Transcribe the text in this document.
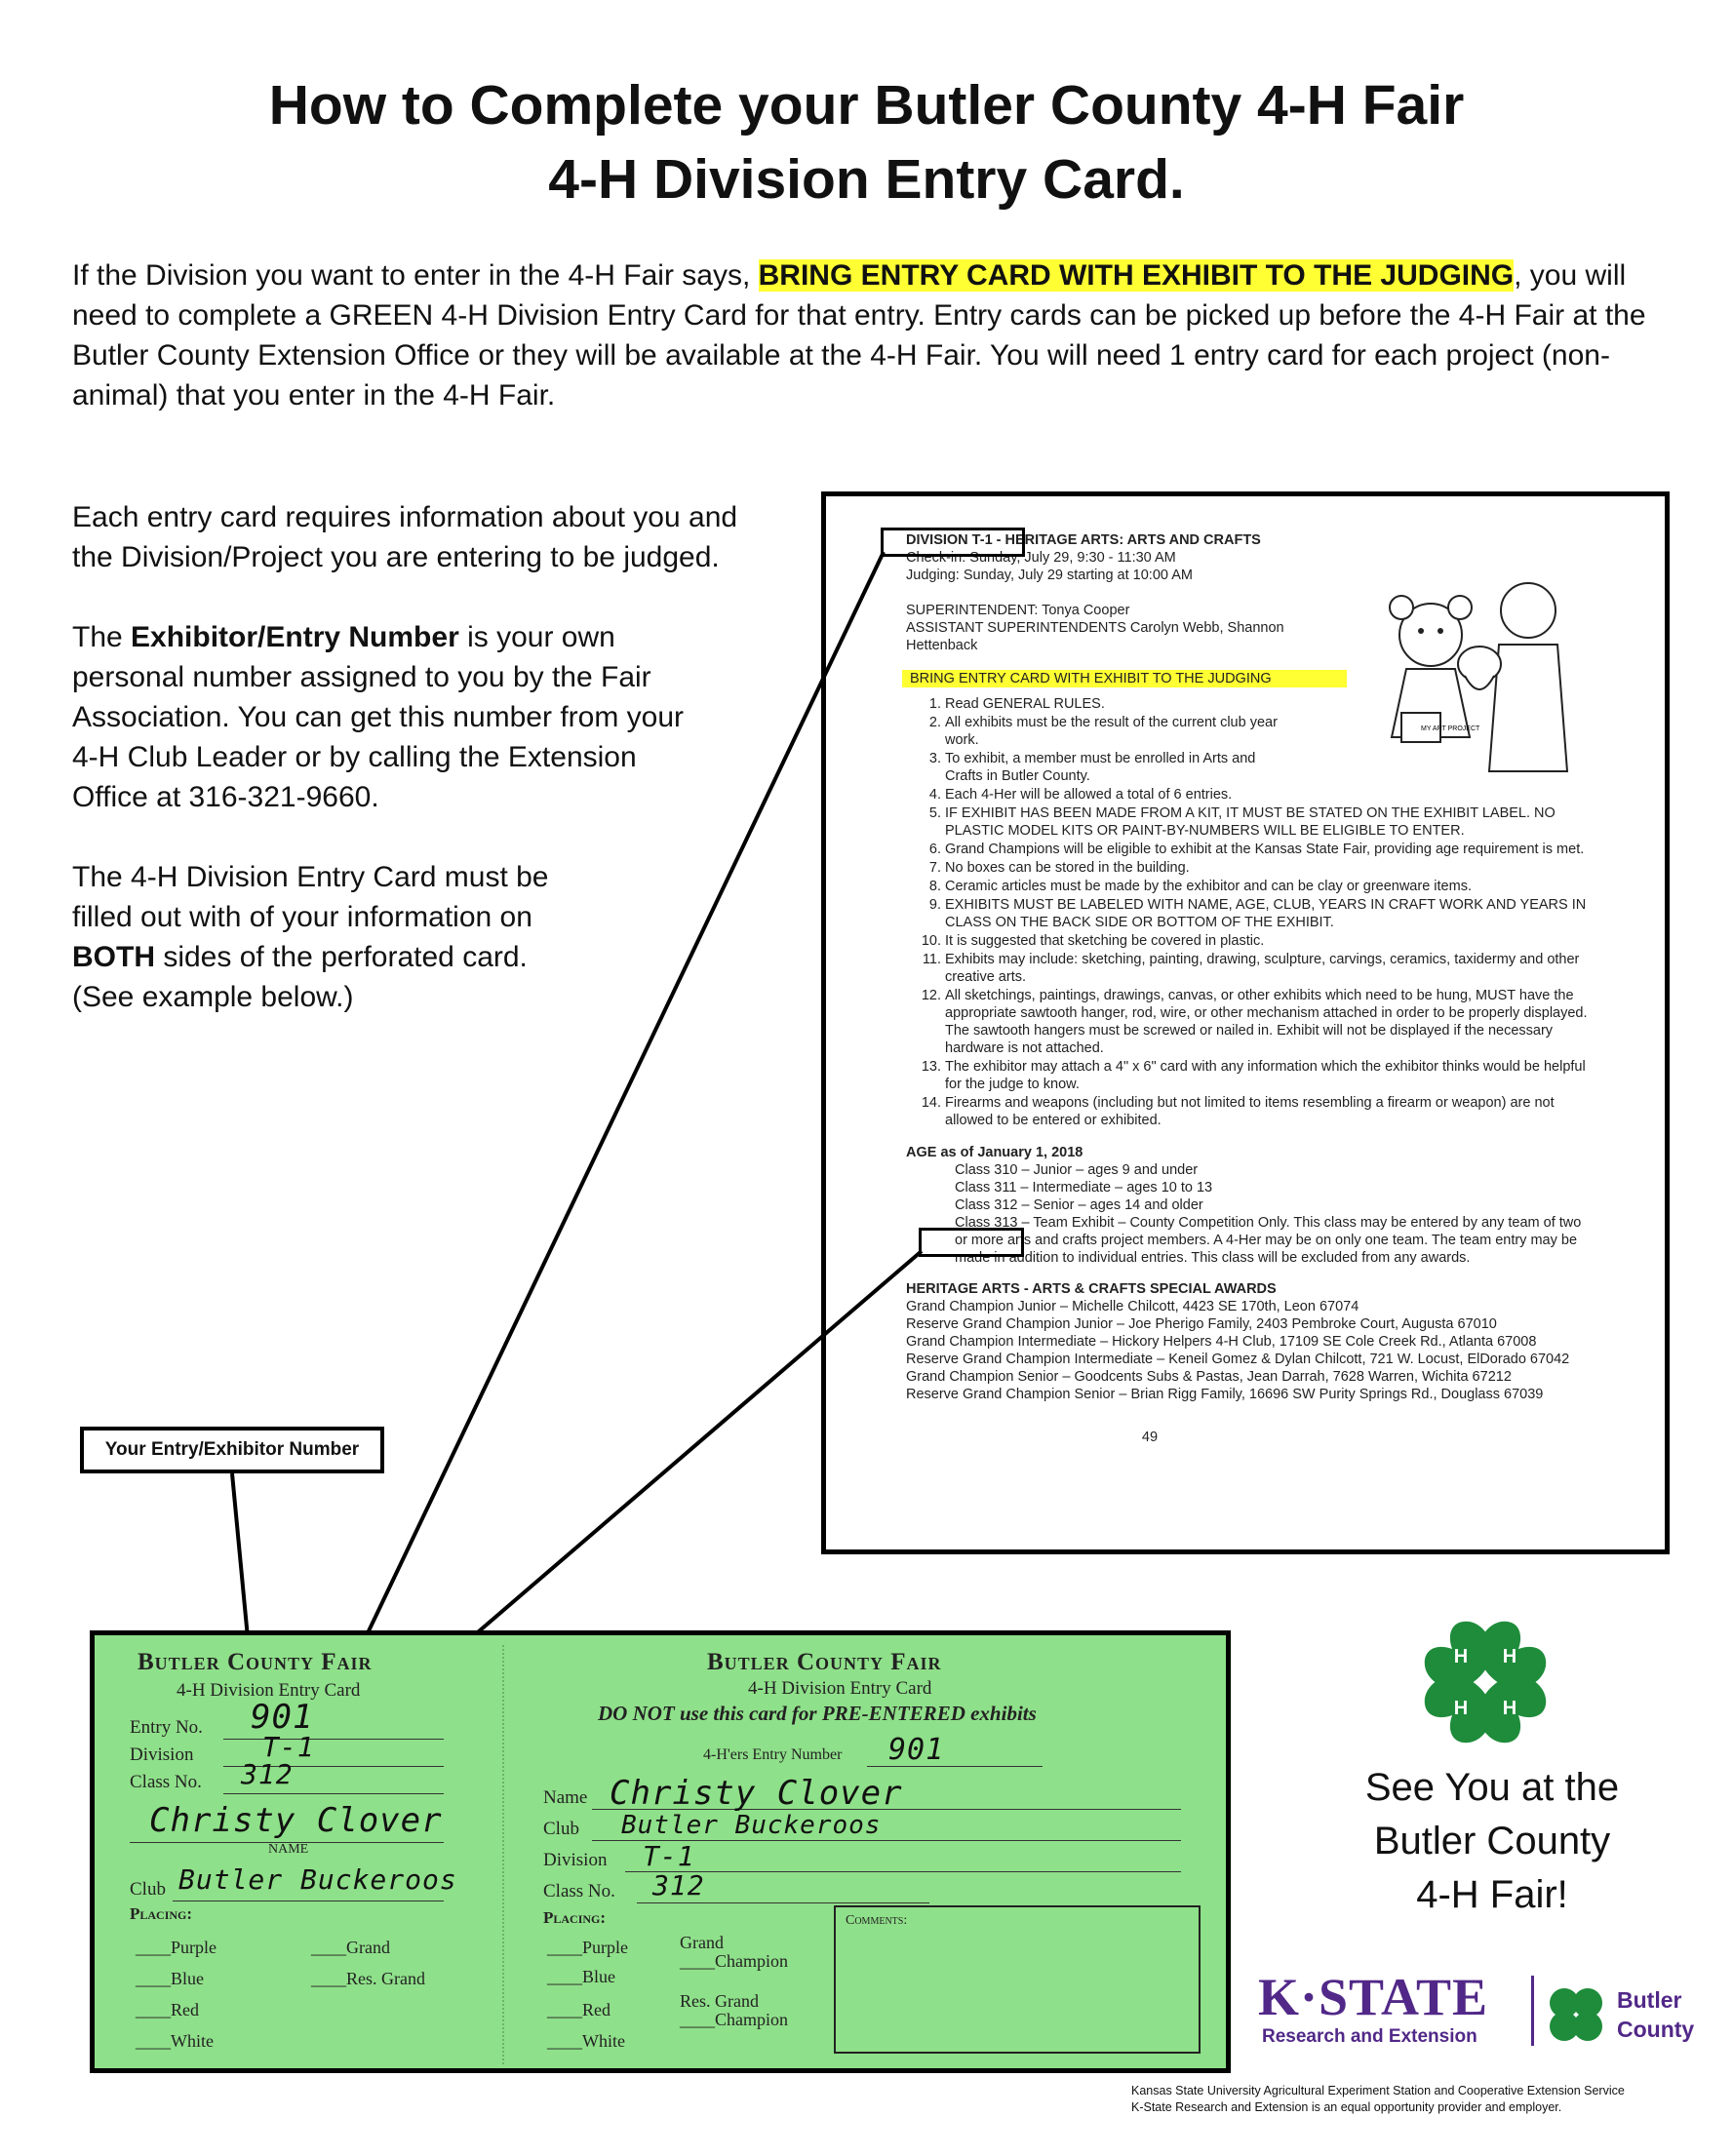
How to Complete your Butler County 4-H Fair
4-H Division Entry Card.
If the Division you want to enter in the 4-H Fair says, BRING ENTRY CARD WITH EXHIBIT TO THE JUDGING, you will need to complete a GREEN 4-H Division Entry Card for that entry. Entry cards can be picked up before the 4-H Fair at the Butler County Extension Office or they will be available at the 4-H Fair. You will need 1 entry card for each project (non-animal) that you enter in the 4-H Fair.

Each entry card requires information about you and the Division/Project you are entering to be judged.

The Exhibitor/Entry Number is your own personal number assigned to you by the Fair Association. You can get this number from your 4-H Club Leader or by calling the Extension Office at 316-321-9660.

The 4-H Division Entry Card must be filled out with of your information on BOTH sides of the perforated card. (See example below.)

DIVISION T-1 - HERITAGE ARTS: ARTS AND CRAFTS
Check-in: Sunday, July 29, 9:30 - 11:30 AM
Judging: Sunday, July 29 starting at 10:00 AM
SUPERINTENDENT: Tonya Cooper
ASSISTANT SUPERINTENDENTS Carolyn Webb, Shannon Hettenback
BRING ENTRY CARD WITH EXHIBIT TO THE JUDGING
1. Read GENERAL RULES.
2. All exhibits must be the result of the current club year work.
3. To exhibit, a member must be enrolled in Arts and Crafts in Butler County.
4. Each 4-Her will be allowed a total of 6 entries.
5. IF EXHIBIT HAS BEEN MADE FROM A KIT, IT MUST BE STATED ON THE EXHIBIT LABEL. NO PLASTIC MODEL KITS OR PAINT-BY-NUMBERS WILL BE ELIGIBLE TO ENTER.
6. Grand Champions will be eligible to exhibit at the Kansas State Fair, providing age requirement is met.
7. No boxes can be stored in the building.
8. Ceramic articles must be made by the exhibitor and can be clay or greenware items.
9. EXHIBITS MUST BE LABELED WITH NAME, AGE, CLUB, YEARS IN CRAFT WORK AND YEARS IN CLASS ON THE BACK SIDE OR BOTTOM OF THE EXHIBIT.
10. It is suggested that sketching be covered in plastic.
11. Exhibits may include: sketching, painting, drawing, sculpture, carvings, ceramics, taxidermy and other creative arts.
12. All sketchings, paintings, drawings, canvas, or other exhibits which need to be hung, MUST have the appropriate sawtooth hanger, rod, wire, or other mechanism attached in order to be properly displayed. The sawtooth hangers must be screwed or nailed in. Exhibit will not be displayed if the necessary hardware is not attached.
13. The exhibitor may attach a 4" x 6" card with any information which the exhibitor thinks would be helpful for the judge to know.
14. Firearms and weapons (including but not limited to items resembling a firearm or weapon) are not allowed to be entered or exhibited.
AGE as of January 1, 2018
Class 310 – Junior – ages 9 and under
Class 311 – Intermediate – ages 10 to 13
Class 312 – Senior – ages 14 and older
Class 313 – Team Exhibit – County Competition Only. This class may be entered by any team of two or more arts and crafts project members. A 4-Her may be on only one team. The team entry may be made in addition to individual entries. This class will be excluded from any awards.
HERITAGE ARTS - ARTS & CRAFTS SPECIAL AWARDS
Grand Champion Junior – Michelle Chilcott, 4423 SE 170th, Leon 67074
Reserve Grand Champion Junior – Joe Pherigo Family, 2403 Pembroke Court, Augusta 67010
Grand Champion Intermediate – Hickory Helpers 4-H Club, 17109 SE Cole Creek Rd., Atlanta 67008
Reserve Grand Champion Intermediate – Keneil Gomez & Dylan Chilcott, 721 W. Locust, ElDorado 67042
Grand Champion Senior – Goodcents Subs & Pastas, Jean Darrah, 7628 Warren, Wichita 67212
Reserve Grand Champion Senior – Brian Rigg Family, 16696 SW Purity Springs Rd., Douglass 67039
49
MY ART PROJECT
Your Entry/Exhibitor Number
Butler County Fair
4-H Division Entry Card
Entry No. 901
Division	T-1
Class No. 312
Christy Clover
NAME
Club Butler Buckeroos
Placing:
____Purple
____Blue
____Red
____White
____Grand
____Res. Grand
Butler County Fair
4-H Division Entry Card
DO NOT use this card for PRE-ENTERED exhibits
4-H'ers Entry Number 901
Name Christy Clover
Club Butler Buckeroos
Division T-1
Class No. 312
Placing:
____Purple
____Blue
____Red
____White
Grand
____Champion
Res. Grand
____Champion
Comments:
H H
H H
See You at the
Butler County
4-H Fair!
K·STATE
Research and Extension
Butler
County
Kansas State University Agricultural Experiment Station and Cooperative Extension Service
K-State Research and Extension is an equal opportunity provider and employer.
